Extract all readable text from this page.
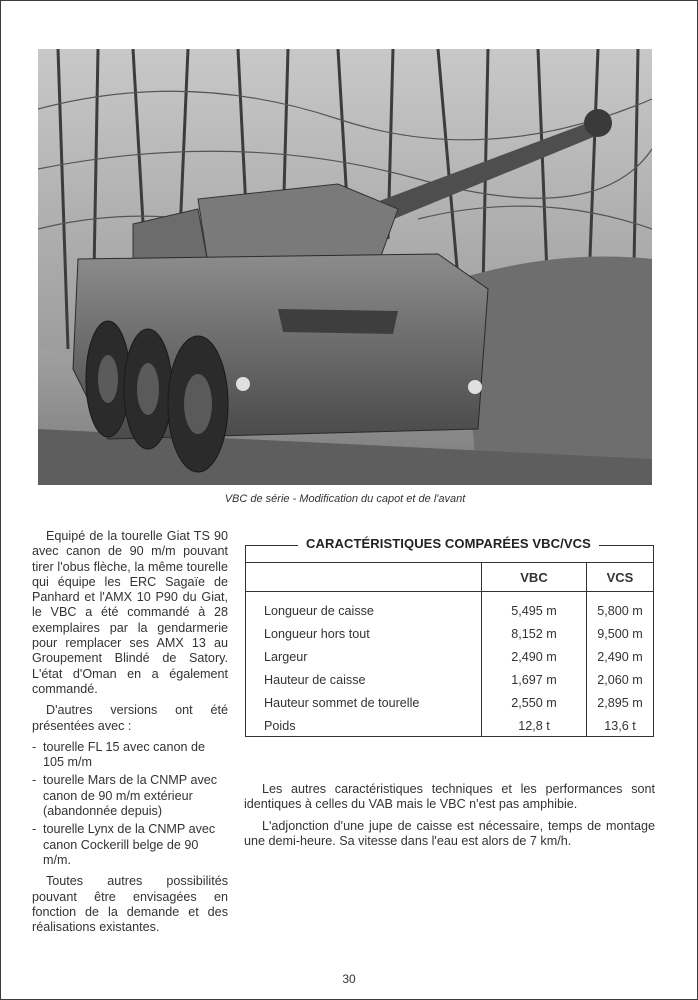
VBC de série - Modification du capot et de l'avant

Equipé de la tourelle Giat TS 90 avec canon de 90 m/m pouvant tirer l'obus flèche, la même tourelle qui équipe les ERC Sagaïe de Panhard et l'AMX 10 P90 du Giat, le VBC a été commandé à 28 exemplaires par la gendarmerie pour remplacer ses AMX 13 au Groupement Blindé de Satory. L'état d'Oman en a également commandé.

D'autres versions ont été présentées avec :

- tourelle FL 15 avec canon de 105 m/m
- tourelle Mars de la CNMP avec canon de 90 m/m extérieur (abandonnée depuis)
- tourelle Lynx de la CNMP avec canon Cockerill belge de 90 m/m.

Toutes autres possibilités pouvant être envisagées en fonction de la demande et des réalisations existantes.

CARACTÉRISTIQUES COMPARÉES VBC/VCS
	VBC	VCS
Longueur de caisse	5,495 m	5,800 m
Longueur hors tout	8,152 m	9,500 m
Largeur	2,490 m	2,490 m
Hauteur de caisse	1,697 m	2,060 m
Hauteur sommet de tourelle	2,550 m	2,895 m
Poids	12,8 t	13,6 t

Les autres caractéristiques techniques et les performances sont identiques à celles du VAB mais le VBC n'est pas amphibie.

L'adjonction d'une jupe de caisse est nécessaire, temps de montage une demi-heure. Sa vitesse dans l'eau est alors de 7 km/h.

30
